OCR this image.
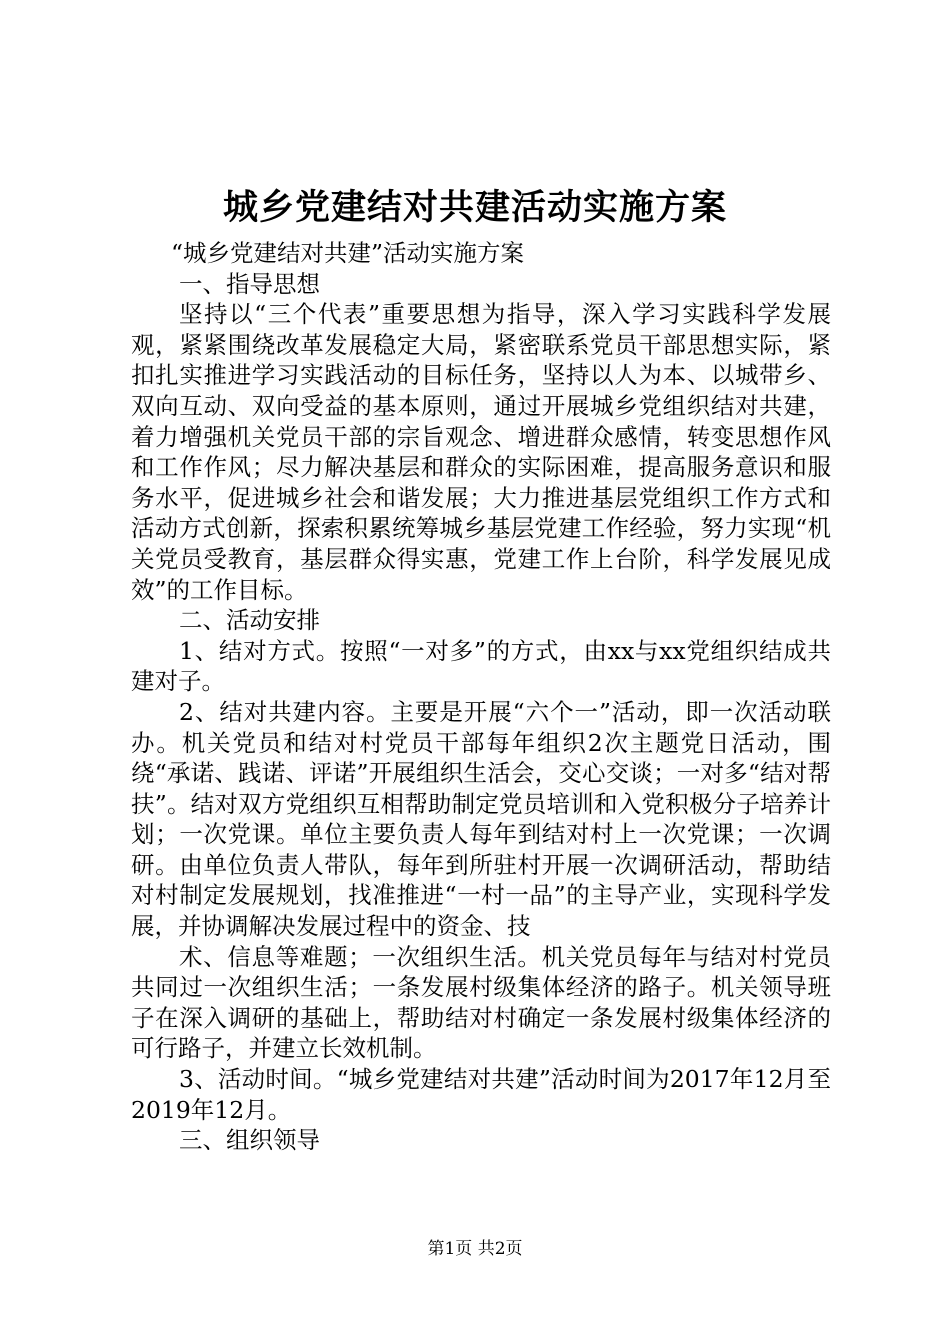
城乡党建结对共建活动实施方案

“城乡党建结对共建”活动实施方案

一、指导思想

坚持以“三个代表”重要思想为指导，深入学习实践科学发展观，紧紧围绕改革发展稳定大局，紧密联系党员干部思想实际，紧扣扎实推进学习实践活动的目标任务，坚持以人为本、以城带乡、双向互动、双向受益的基本原则，通过开展城乡党组织结对共建，着力增强机关党员干部的宗旨观念、增进群众感情，转变思想作风和工作作风；尽力解决基层和群众的实际困难，提高服务意识和服务水平，促进城乡社会和谐发展；大力推进基层党组织工作方式和活动方式创新，探索积累统筹城乡基层党建工作经验，努力实现“机关党员受教育，基层群众得实惠，党建工作上台阶，科学发展见成效”的工作目标。

二、活动安排

1、结对方式。按照“一对多”的方式，由xx与xx党组织结成共建对子。

2、结对共建内容。主要是开展“六个一”活动，即一次活动联办。机关党员和结对村党员干部每年组织2次主题党日活动，围绕“承诺、践诺、评诺”开展组织生活会，交心交谈；一对多“结对帮扶”。结对双方党组织互相帮助制定党员培训和入党积极分子培养计划；一次党课。单位主要负责人每年到结对村上一次党课；一次调研。由单位负责人带队，每年到所驻村开展一次调研活动，帮助结对村制定发展规划，找准推进“一村一品”的主导产业，实现科学发展，并协调解决发展过程中的资金、技

术、信息等难题；一次组织生活。机关党员每年与结对村党员共同过一次组织生活；一条发展村级集体经济的路子。机关领导班子在深入调研的基础上，帮助结对村确定一条发展村级集体经济的可行路子，并建立长效机制。

3、活动时间。“城乡党建结对共建”活动时间为2017年12月至2019年12月。

三、组织领导

第1页 共2页
